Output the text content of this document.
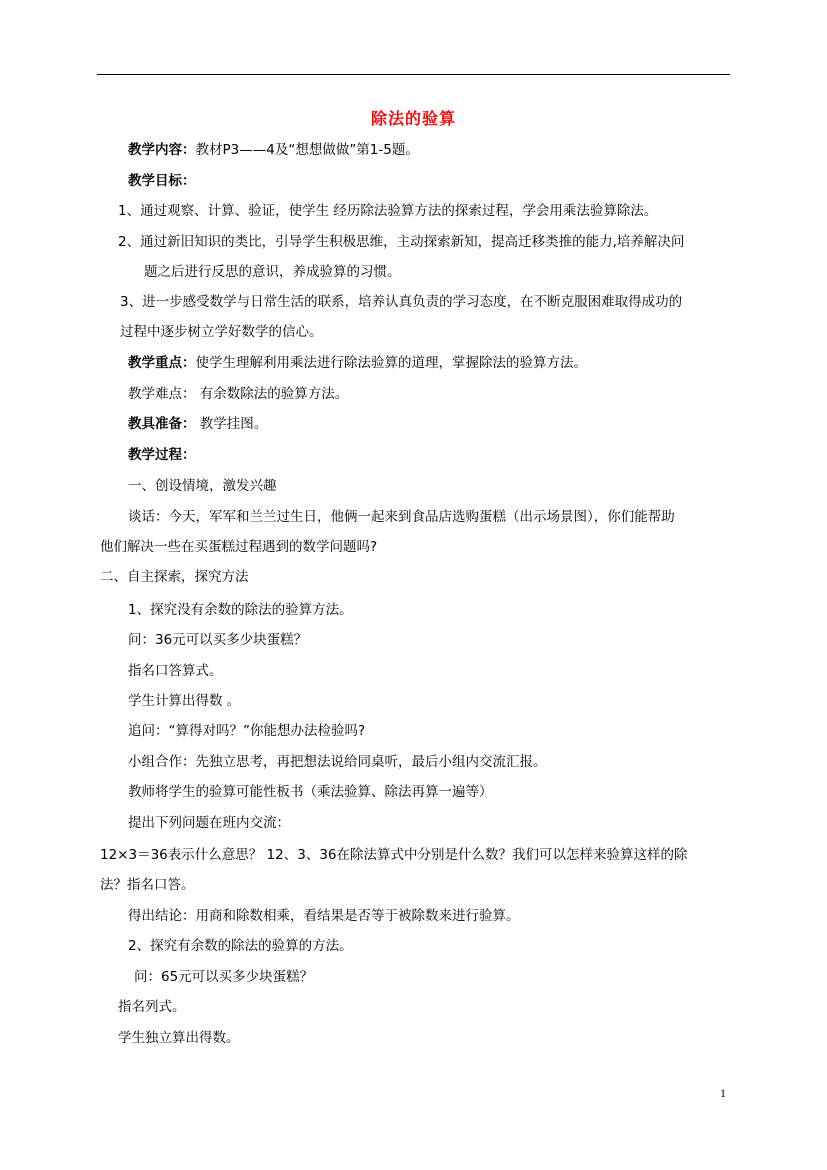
除法的验算
教学内容：教材P3——4及“想想做做”第1-5题。
教学目标：
1、通过观察、计算、验证，使学生 经历除法验算方法的探索过程，学会用乘法验算除法。
2、通过新旧知识的类比，引导学生积极思维，主动探索新知，提高迁移类推的能力,培养解决问
题之后进行反思的意识，养成验算的习惯。
3、进一步感受数学与日常生活的联系，培养认真负责的学习态度，在不断克服困难取得成功的
过程中逐步树立学好数学的信心。
教学重点：使学生理解利用乘法进行除法验算的道理，掌握除法的验算方法。
教学难点： 有余数除法的验算方法。
教具准备： 教学挂图。
教学过程：
一、创设情境，激发兴趣
谈话：今天，军军和兰兰过生日，他俩一起来到食品店选购蛋糕（出示场景图），你们能帮助
他们解决一些在买蛋糕过程遇到的数学问题吗?
二、自主探索，探究方法
1、探究没有余数的除法的验算方法。
问：36元可以买多少块蛋糕？
指名口答算式。
学生计算出得数 。
追问：“算得对吗？”你能想办法检验吗?
小组合作：先独立思考，再把想法说给同桌听，最后小组内交流汇报。
教师将学生的验算可能性板书（乘法验算、除法再算一遍等）
提出下列问题在班内交流：
12×3＝36表示什么意思？ 12、3、36在除法算式中分别是什么数？我们可以怎样来验算这样的除
法？指名口答。
得出结论：用商和除数相乘，看结果是否等于被除数来进行验算。
2、探究有余数的除法的验算的方法。
问：65元可以买多少块蛋糕？
指名列式。
学生独立算出得数。
1
